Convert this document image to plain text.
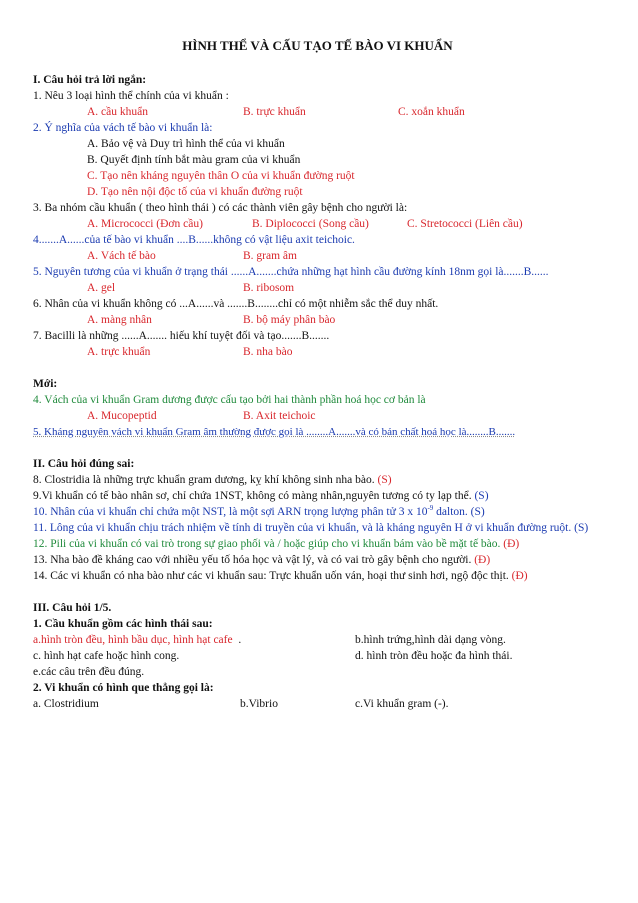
HÌNH THỂ VÀ CẤU TẠO TẾ BÀO VI KHUẨN
I. Câu hỏi trả lời ngắn:
1. Nêu 3 loại hình thể chính của vi khuẩn :
A. cầu khuẩn	B. trực khuẩn	C. xoắn khuẩn
2. Ý nghĩa của vách tế bào vi khuẩn là:
A. Bảo vệ và Duy trì hình thể của vi khuẩn
B. Quyết định tính bắt màu gram của vi khuẩn
C. Tạo nên kháng nguyên thân O của vi khuẩn đường ruột
D. Tạo nên nội độc tố của vi khuẩn đường ruột
3. Ba nhóm cầu khuẩn ( theo hình thái ) có các thành viên gây bệnh cho người là:
A. Micrococci (Đơn cầu)	B. Diplococci (Song cầu)	C. Stretococci (Liên cầu)
4.......A......của tế bào vi khuẩn ....B......không có vật liệu axit teichoic.
A. Vách tế bào	B. gram âm
5. Nguyên tương của vi khuẩn ở trạng thái ......A.......chứa những hạt hình cầu đường kính 18nm gọi là.......B......
A. gel	B. ribosom
6. Nhân của vi khuẩn không có ...A......và .......B........chỉ có một nhiễm sắc thể duy nhất.
A. màng nhân	B. bộ máy phân bào
7. Bacilli là những ......A....... hiếu khí tuyệt đối và tạo.......B.......
A. trực khuẩn	B. nha bào
Mới:
4. Vách của vi khuẩn Gram dương được cấu tạo bởi hai thành phần hoá học cơ bản là
A. Mucopeptid	B. Axit teichoic
5. Kháng nguyên vách vi khuẩn Gram âm thường được gọi là ........A.......và có bản chất hoá học là........B.......
II. Câu hỏi đúng sai:
8. Clostridia là những trực khuẩn gram dương, kỵ khí không sinh nha bào. (S)
9.Vi khuẩn có tế bào nhân sơ, chỉ chứa 1NST, không có màng nhân,nguyên tương có ty lạp thể. (S)
10. Nhân của vi khuẩn chỉ chứa một NST, là một sợi ARN trọng lượng phân tử 3 x $10^{-9}$ dalton. (S)
11. Lông của vi khuẩn chịu trách nhiệm về tính di truyền của vi khuẩn, và là kháng nguyên H ở vi khuẩn đường ruột. (S)
12. Pili của vi khuẩn có vai trò trong sự giao phối và / hoặc giúp cho vi khuẩn bám vào bề mặt tế bào. (Đ)
13. Nha bào đề kháng cao với nhiều yếu tố hóa học và vật lý, và có vai trò gây bệnh cho người. (Đ)
14. Các vi khuẩn có nha bào như các vi khuẩn sau: Trực khuẩn uốn ván, hoại thư sinh hơi, ngộ độc thịt. (Đ)
III. Câu hỏi 1/5.
1. Cầu khuẩn gồm các hình thái sau:
a.hình tròn đều, hình bầu dục, hình hạt cafe .	b.hình trứng,hình dài dạng vòng.
c. hình hạt cafe hoặc hình cong.	d. hình tròn đều hoặc đa hình thái.
e.các câu trên đều đúng.
2. Vi khuẩn có hình que thẳng gọi là:
a. Clostridium	b.Vibrio	c.Vi khuẩn gram (-).
